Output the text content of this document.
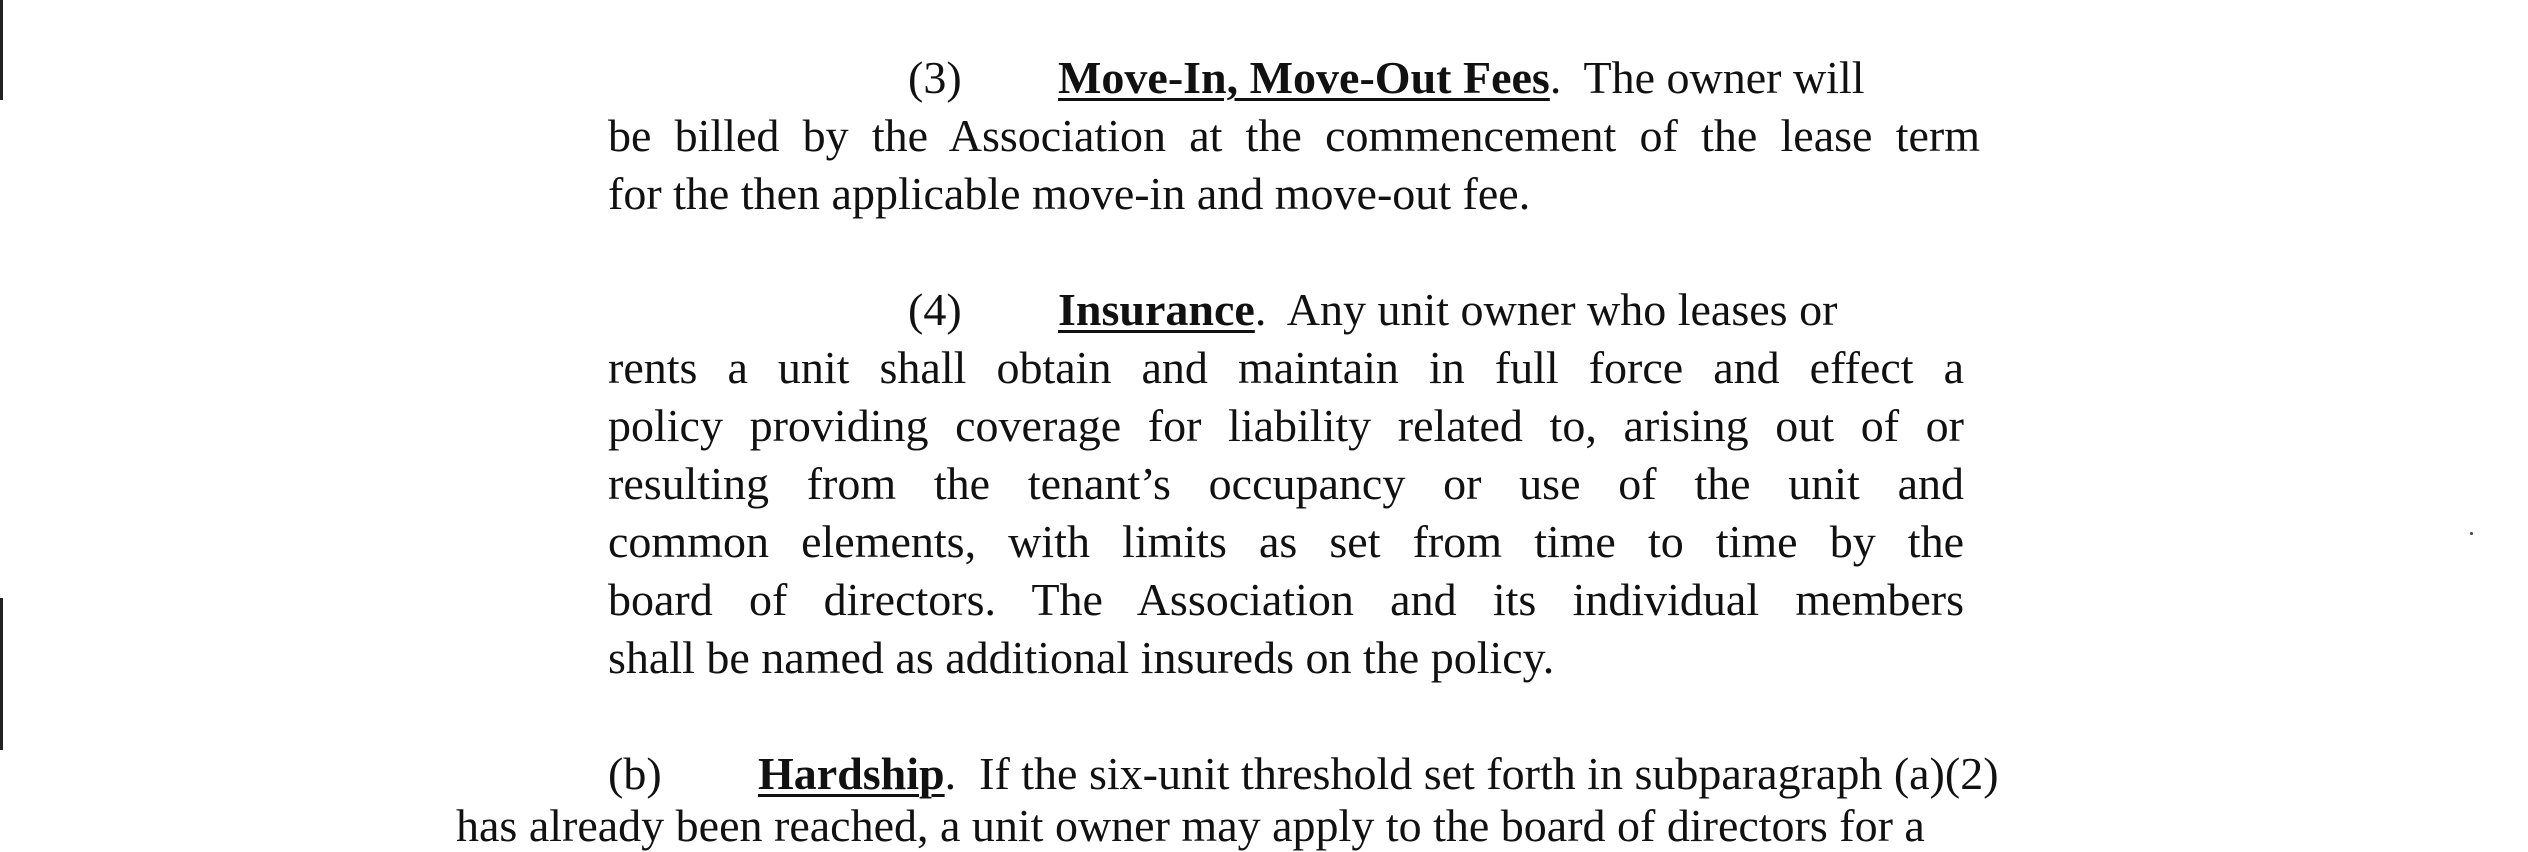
(3) Move-In, Move-Out Fees.  The owner will

be billed by the Association at the commencement of the lease term

for the then applicable move-in and move-out fee.

(4) Insurance.  Any unit owner who leases or

rents a unit shall obtain and maintain in full force and effect a

policy providing coverage for liability related to, arising out of or

resulting from the tenant’s occupancy or use of the unit and

common elements, with limits as set from time to time by the

board of directors. The Association and its individual members

shall be named as additional insureds on the policy.

(b) Hardship.  If the six-unit threshold set forth in subparagraph (a)(2)

has already been reached, a unit owner may apply to the board of directors for a
